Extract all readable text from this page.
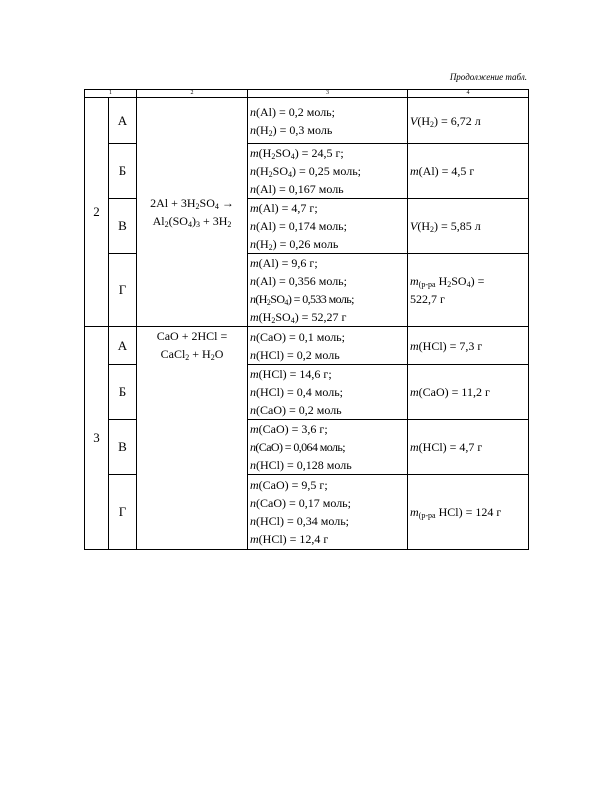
Продолжение табл.
1		2	3	4
2	А	$2Al + 3H_2SO_4$ →
$Al_2(SO_4)_3 + 3H_2$	n(Al) = 0,2 моль;
$n(H_2) = 0,3$ моль	$V(H_2) = 6,72$ л

	Б		$m(H_2SO_4) = 24,5$ г;
$n(H_2SO_4) = 0,25$ моль;
n(Al) = 0,167 моль	m(Al) = 4,5 г

	В		m(Al) = 4,7 г;
n(Al) = 0,174 моль;
$n(H_2) = 0,26$ моль	$V(H_2) = 5,85$ л

	Г		m(Al) = 9,6 г;
n(Al) = 0,356 моль;
$n(H_2SO_4) = 0,533$ моль;
$m(H_2SO_4) = 52,27$ г	$m_{(р-ра}$ $H_2SO_4$) =
522,7 г

3	А	CaO + 2HCl =
CaCl$_2$ + $H_2O$	n(CaO) = 0,1 моль;
n(HCl) = 0,2 моль	m(HCl) = 7,3 г

	Б		m(HCl) = 14,6 г;
n(HCl) = 0,4 моль;
n(CaO) = 0,2 моль	m(CaO) = 11,2 г

	В		m(CaO) = 3,6 г;
n(CaO) = 0,064 моль;
n(HCl) = 0,128 моль	m(HCl) = 4,7 г

	Г		m(CaO) = 9,5 г;
n(CaO) = 0,17 моль;
n(HCl) = 0,34 моль;
m(HCl) = 12,4 г	$m_{(р-ра}$ HCl) = 124 г
